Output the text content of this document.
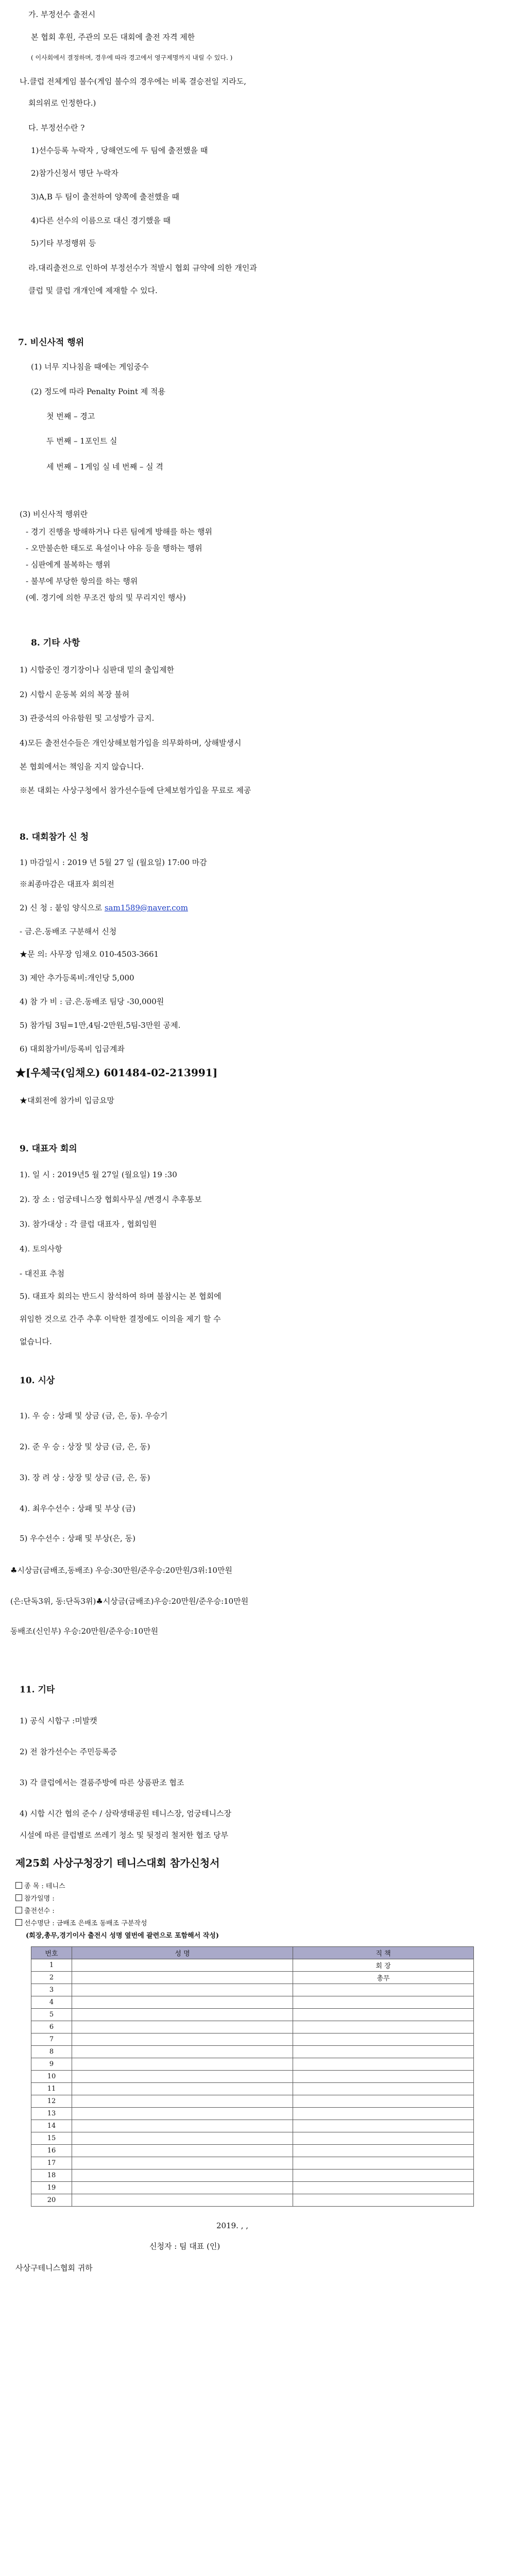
가. 부정선수 출전시
본 협회 후원, 주관의 모든 대회에 출전 자격 제한
( 이사회에서 결정하며, 경우에 따라 경고에서 영구제명까지 내릴 수 있다. )
나.클럽 전체게임 불수(게임 불수의 경우에는 비록 결승전일 지라도,
회의위로 인정한다.)
다. 부정선수란 ?
1)선수등록 누락자 , 당해연도에 두 팀에 출전했을 때
2)참가신청서 명단 누락자
3)A,B 두 팀이 출전하여 양쪽에 출전했을 때
4)다른 선수의 이름으로 대신 경기했을 때
5)기타 부정행위 등
라.대리출전으로 인하여 부정선수가 적발시 협회 규약에 의한 개인과
클럽 및 클럽 개개인에 제재할 수 있다.
7. 비신사적 행위
(1) 너무 지나침을 때에는 게임중수
(2) 정도에 따라 Penalty Point 제 적용
첫 번째 – 경고
두 번째 – 1포인트 실
세 번째 – 1게임 실 네 번째 – 실 격
(3) 비신사적 행위란
- 경기 진행을 방해하거나 다른 팀에게 방해를 하는 행위
- 오만불손한 태도로 욕설이나 야유 등을 행하는 행위
- 심판에게 불복하는 행위
- 불부에 부당한 항의를 하는 행위
(예. 경기에 의한 무조건 항의 및 무리지인 행사)
8. 기타 사항
1) 시합중인 경기장이나 심판대 밑의 출입제한
2) 시합시 운동복 외의 복장 불허
3) 관중석의 아유함원 및 고성방가 금지.
4)모든 출전선수들은 개인상해보험가입을 의무화하며, 상해발생시
본 협회에서는 책임을 지지 않습니다.
※본 대회는 사상구청에서 참가선수들에 단체보험가입을 무료로 제공
8. 대회참가 신 청
1) 마감일시 : 2019 년 5월 27 일 (월요일) 17:00 마감
※최종마감은 대표자 회의전
2) 신 청 : 붙임 양식으로 sam1589@naver.com
- 금.은.동배조 구분해서 신청
★문 의: 사무장 임채오 010-4503-3661
3) 제안 추가등록비:개인당 5,000
4) 참 가 비 : 금.은.동배조 팀당 -30,000원
5) 참가팀 3팀=1만,4팀-2만원,5팀-3만원 공제.
6) 대회참가비/등록비 입금계좌
★[우체국(임채오) 601484-02-213991]
★대회전에 참가비 입금요망
9. 대표자 회의
1). 일 시 : 2019년5 월 27일 (월요일) 19 :30
2). 장 소 : 엄궁테니스장 협회사무실 /변경시 추후통보
3). 참가대상 : 각 클럽 대표자 , 협회임원
4). 토의사항
- 대진표 추첨
5). 대표자 회의는 반드시 참석하여 하며 불참시는 본 협회에
위임한 것으로 간주 추후 이탁한 결정에도 이의을 제기 할 수
없습니다.
10. 시상
1). 우 승 : 상패 및 상금 (금, 은, 동). 우승기
2). 준 우 승 : 상장 및 상금 (금, 은, 동)
3). 장 려 상 : 상장 및 상금 (금, 은, 동)
4). 최우수선수 : 상패 및 부상 (금)
5) 우수선수 : 상패 및 부상(은, 동)
♣시상금(금배조,동배조) 우승:30만원/준우승:20만원/3위:10만원
(은:단독3위, 동:단독3위)♣시상금(금배조)우승:20만원/준우승:10만원
동배조(신인부) 우승:20만원/준우승:10만원
11. 기타
1) 공식 시합구 :미발캣
2) 전 참가선수는 주민등록증
3) 각 클럽에서는 결품주방에 따른 상품판조 협조
4) 시합 시간 협의 준수 / 삼락생태공원 테니스장, 엄궁테니스장
시설에 따른 클럽별로 쓰레기 청소 및 뒷정리 철저한 협조 당부
제25회 사상구청장기 테니스대회 참가신청서
종 목 : 테니스
참가일명 :
출전선수 :
선수명단 : 금배조 은배조 동배조 구분작성
(회장,총무,경기이사 출전시 성명 옆번에 괄련으로 포함해서 작성)
번호	성 명	직 책
1		회 장
2		총무
3		
4		
5		
6		
7		
8		
9		
10		
11		
12		
13		
14		
15		
16		
17		
18		
19		
20		
2019. , ,
신청자 : 팀 대표 (인)
사상구테니스협회 귀하
